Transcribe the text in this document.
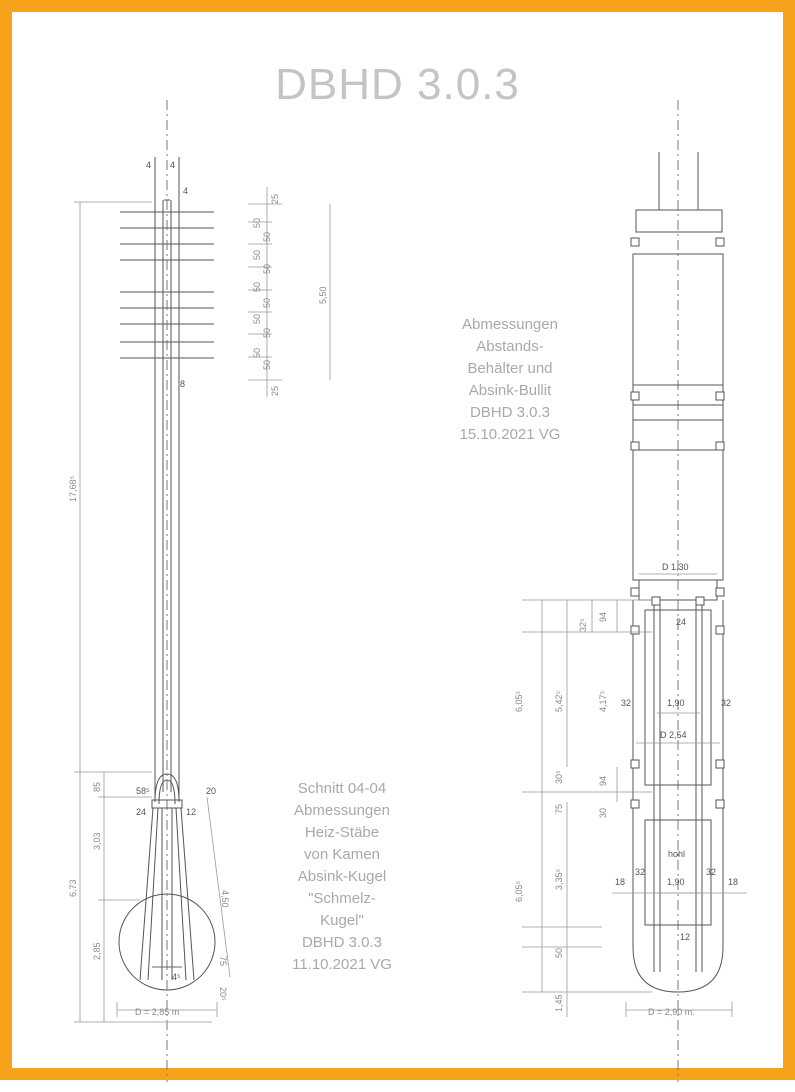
DBHD 3.0.3
4 4
4
17,68⁵
8
85	58⁵	20
24	12
3,03
6,73
4,50
2,85
75
20⁵
4⁵
D = 2,85 m
25
50
50
50
50
50
50
50
50
50
50
25
5,50
D 1,30
24
94
32⁵
6,05⁵	5,42⁵	4,17⁵ 32	1,90	32
D 2,54
30⁵	94
75	30
hohl
6,05⁵
3,35⁵	18
32
1,90
32
18
12
50
1,45	D = 2,90 m.
Abmessungen
Abstands-
Behälter und
Absink-Bullit
DBHD 3.0.3
15.10.2021 VG
Schnitt 04-04
Abmessungen
Heiz-Stäbe
von Kamen
Absink-Kugel
"Schmelz-
Kugel"
DBHD 3.0.3
11.10.2021 VG
